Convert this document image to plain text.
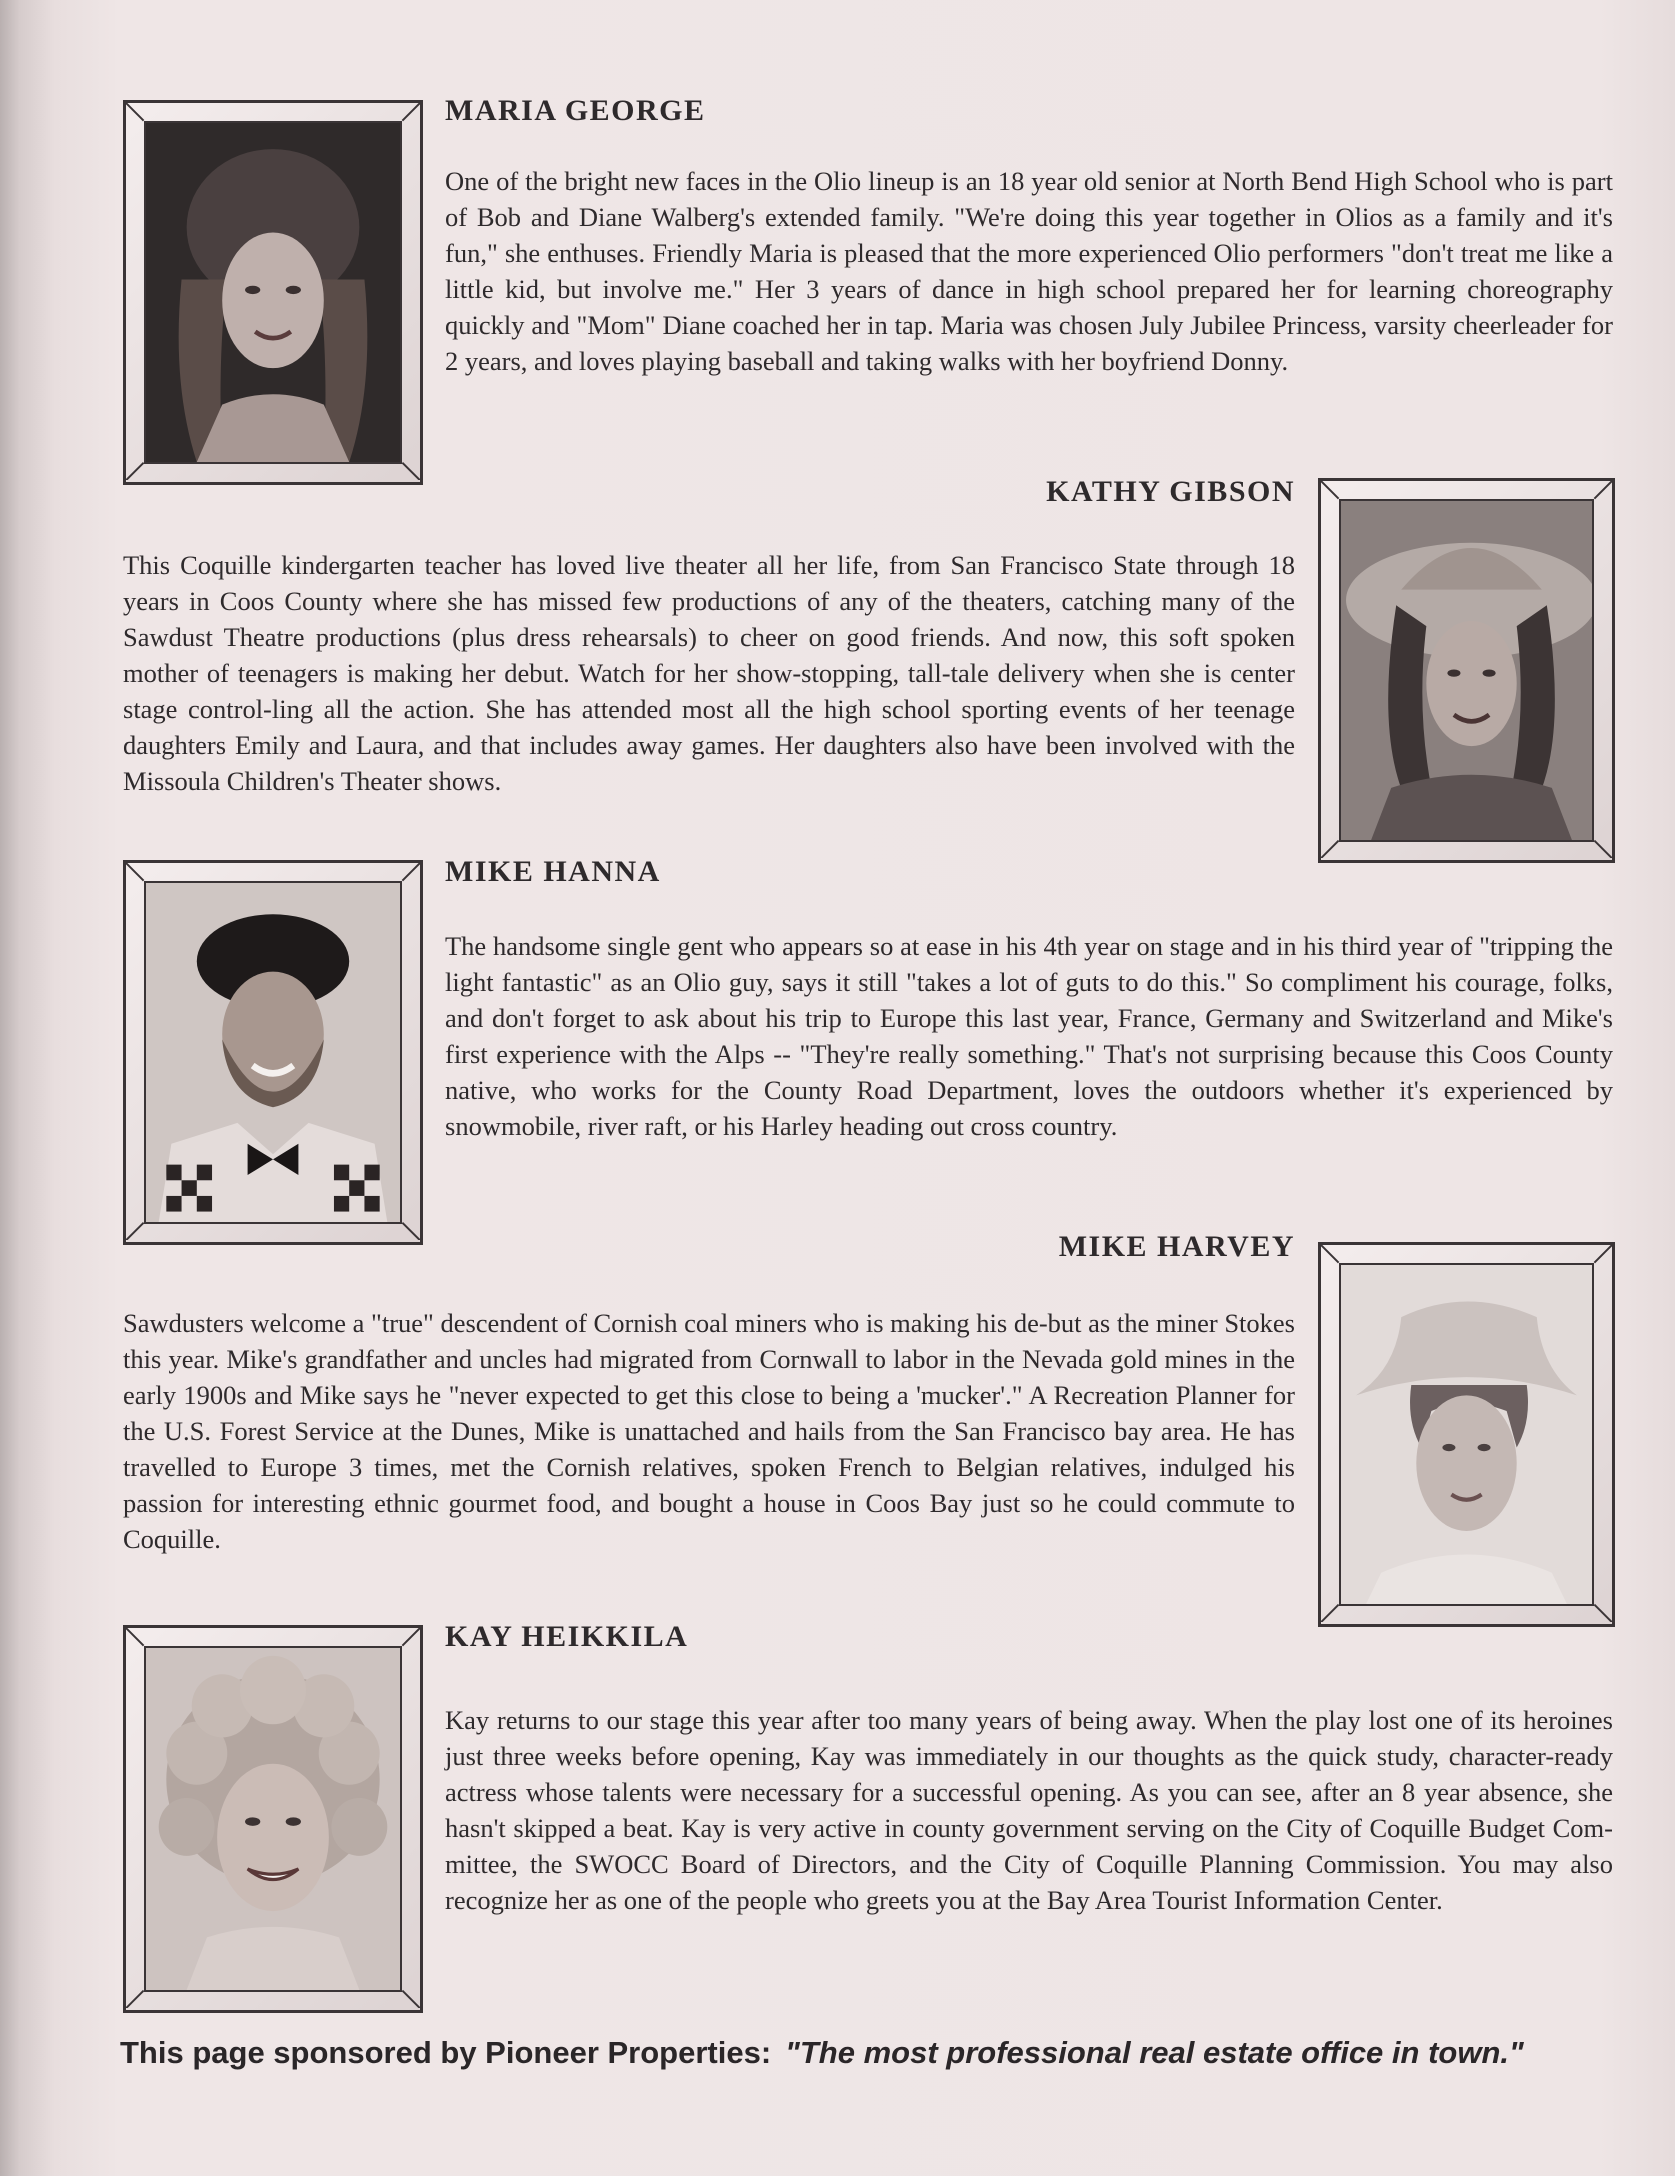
MARIA GEORGE
One of the bright new faces in the Olio lineup is an 18 year old senior at North Bend High School who is part of Bob and Diane Walberg's extended family. "We're doing this year together in Olios as a family and it's fun," she enthuses. Friendly Maria is pleased that the more experienced Olio performers "don't treat me like a little kid, but involve me." Her 3 years of dance in high school prepared her for learning choreography quickly and "Mom" Diane coached her in tap. Maria was chosen July Jubilee Princess, varsity cheerleader for 2 years, and loves playing baseball and taking walks with her boyfriend Donny.
KATHY GIBSON
This Coquille kindergarten teacher has loved live theater all her life, from San Francisco State through 18 years in Coos County where she has missed few productions of any of the theaters, catching many of the Sawdust Theatre productions (plus dress rehearsals) to cheer on good friends. And now, this soft spoken mother of teenagers is making her debut. Watch for her show-stopping, tall-tale delivery when she is center stage control-ling all the action. She has attended most all the high school sporting events of her teenage daughters Emily and Laura, and that includes away games. Her daughters also have been involved with the Missoula Children's Theater shows.
MIKE HANNA
The handsome single gent who appears so at ease in his 4th year on stage and in his third year of "tripping the light fantastic" as an Olio guy, says it still "takes a lot of guts to do this." So compliment his courage, folks, and don't forget to ask about his trip to Europe this last year, France, Germany and Switzerland and Mike's first experience with the Alps -- "They're really something." That's not surprising because this Coos County native, who works for the County Road Department, loves the outdoors whether it's experienced by snowmobile, river raft, or his Harley heading out cross country.
MIKE HARVEY
Sawdusters welcome a "true" descendent of Cornish coal miners who is making his de-but as the miner Stokes this year. Mike's grandfather and uncles had migrated from Cornwall to labor in the Nevada gold mines in the early 1900s and Mike says he "never expected to get this close to being a 'mucker'." A Recreation Planner for the U.S. Forest Service at the Dunes, Mike is unattached and hails from the San Francisco bay area. He has travelled to Europe 3 times, met the Cornish relatives, spoken French to Belgian relatives, indulged his passion for interesting ethnic gourmet food, and bought a house in Coos Bay just so he could commute to Coquille.
KAY HEIKKILA
Kay returns to our stage this year after too many years of being away. When the play lost one of its heroines just three weeks before opening, Kay was immediately in our thoughts as the quick study, character-ready actress whose talents were necessary for a successful opening. As you can see, after an 8 year absence, she hasn't skipped a beat. Kay is very active in county government serving on the City of Coquille Budget Com-mittee, the SWOCC Board of Directors, and the City of Coquille Planning Commission. You may also recognize her as one of the people who greets you at the Bay Area Tourist Information Center.
This page sponsored by Pioneer Properties: "The most professional real estate office in town."
